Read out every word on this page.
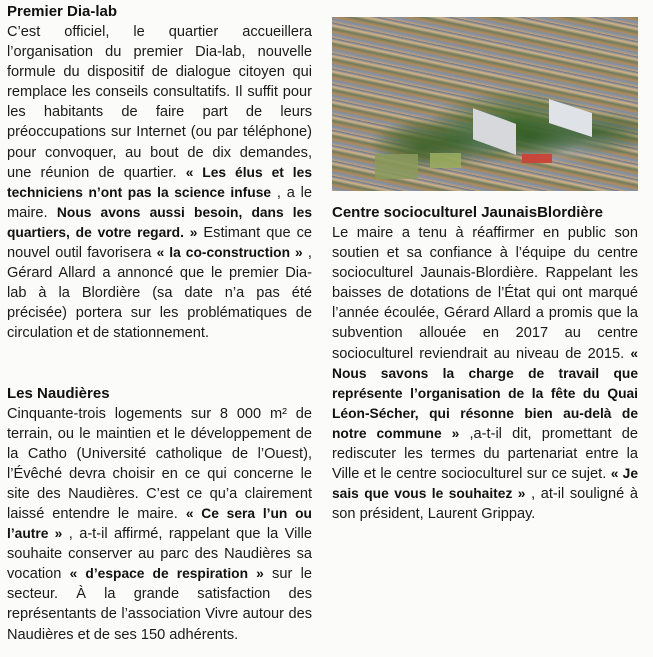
Premier Dia-lab

C’est officiel, le quartier accueillera l’organisation du premier Dia-lab, nouvelle formule du dispositif de dialogue citoyen qui remplace les conseils consultatifs. Il suffit pour les habitants de faire part de leurs préoccupations sur Internet (ou par téléphone) pour convoquer, au bout de dix demandes, une réunion de quartier. « Les élus et les techniciens n’ont pas la science infuse , a le maire. Nous avons aussi besoin, dans les quartiers, de votre regard. » Estimant que ce nouvel outil favorisera « la co-construction » , Gérard Allard a annoncé que le premier Dia-lab à la Blordière (sa date n’a pas été précisée) portera sur les problématiques de circulation et de stationnement.

Les Naudières

Cinquante-trois logements sur 8 000 m² de terrain, ou le maintien et le développement de la Catho (Université catholique de l’Ouest), l’Évêché devra choisir en ce qui concerne le site des Naudières. C’est ce qu’a clairement laissé entendre le maire. « Ce sera l’un ou l’autre » , a-t-il affirmé, rappelant que la Ville souhaite conserver au parc des Naudières sa vocation « d’espace de respiration » sur le secteur. À la grande satisfaction des représentants de l’association Vivre autour des Naudières et de ses 150 adhérents.

Centre socioculturel JaunaisBlordière

Le maire a tenu à réaffirmer en public son soutien et sa confiance à l’équipe du centre socioculturel Jaunais-Blordière. Rappelant les baisses de dotations de l’État qui ont marqué l’année écoulée, Gérard Allard a promis que la subvention allouée en 2017 au centre socioculturel reviendrait au niveau de 2015. « Nous savons la charge de travail que représente l’organisation de la fête du Quai Léon-Sécher, qui résonne bien au-delà de notre commune » ,a-t-il dit, promettant de rediscuter les termes du partenariat entre la Ville et le centre socioculturel sur ce sujet. « Je sais que vous le souhaitez » , at-il souligné à son président, Laurent Grippay.
